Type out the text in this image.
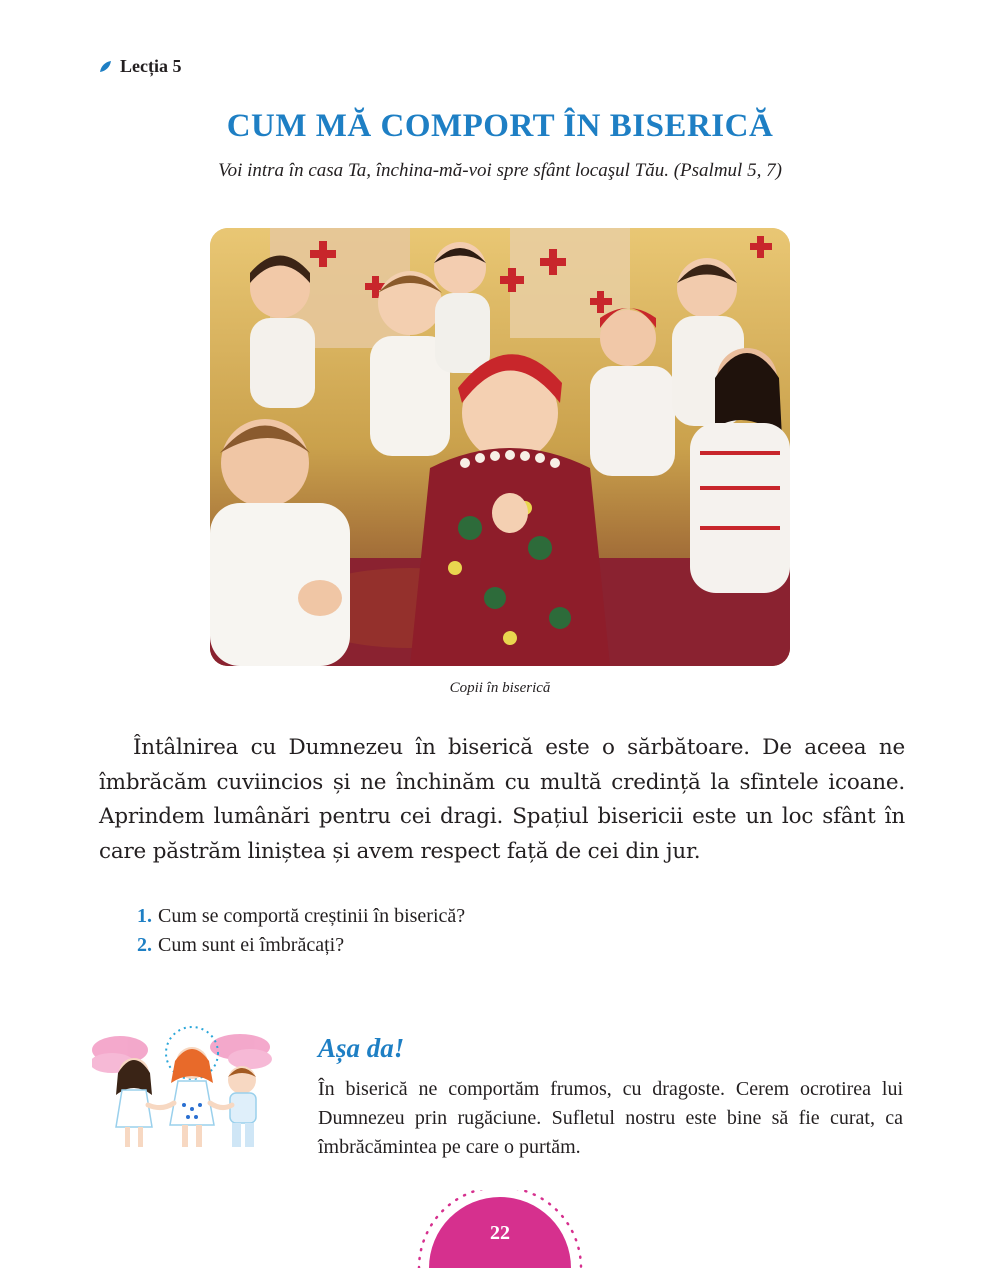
Lecția 5
CUM MĂ COMPORT ÎN BISERICĂ
Voi intra în casa Ta, închina-mă-voi spre sfânt locaşul Tău. (Psalmul 5, 7)
Copii în biserică

Întâlnirea cu Dumnezeu în biserică este o sărbătoare. De aceea ne îmbrăcăm cuviincios și ne închinăm cu multă credință la sfintele icoane. Aprindem lumânări pentru cei dragi. Spațiul bisericii este un loc sfânt în care păstrăm liniștea și avem respect față de cei din jur.

1. Cum se comportă creștinii în biserică?
2. Cum sunt ei îmbrăcați?
Așa da!

În biserică ne comportăm frumos, cu dragoste. Cerem ocrotirea lui Dumnezeu prin rugăciune. Sufletul nostru este bine să fie curat, ca îmbrăcămintea pe care o purtăm.

22
